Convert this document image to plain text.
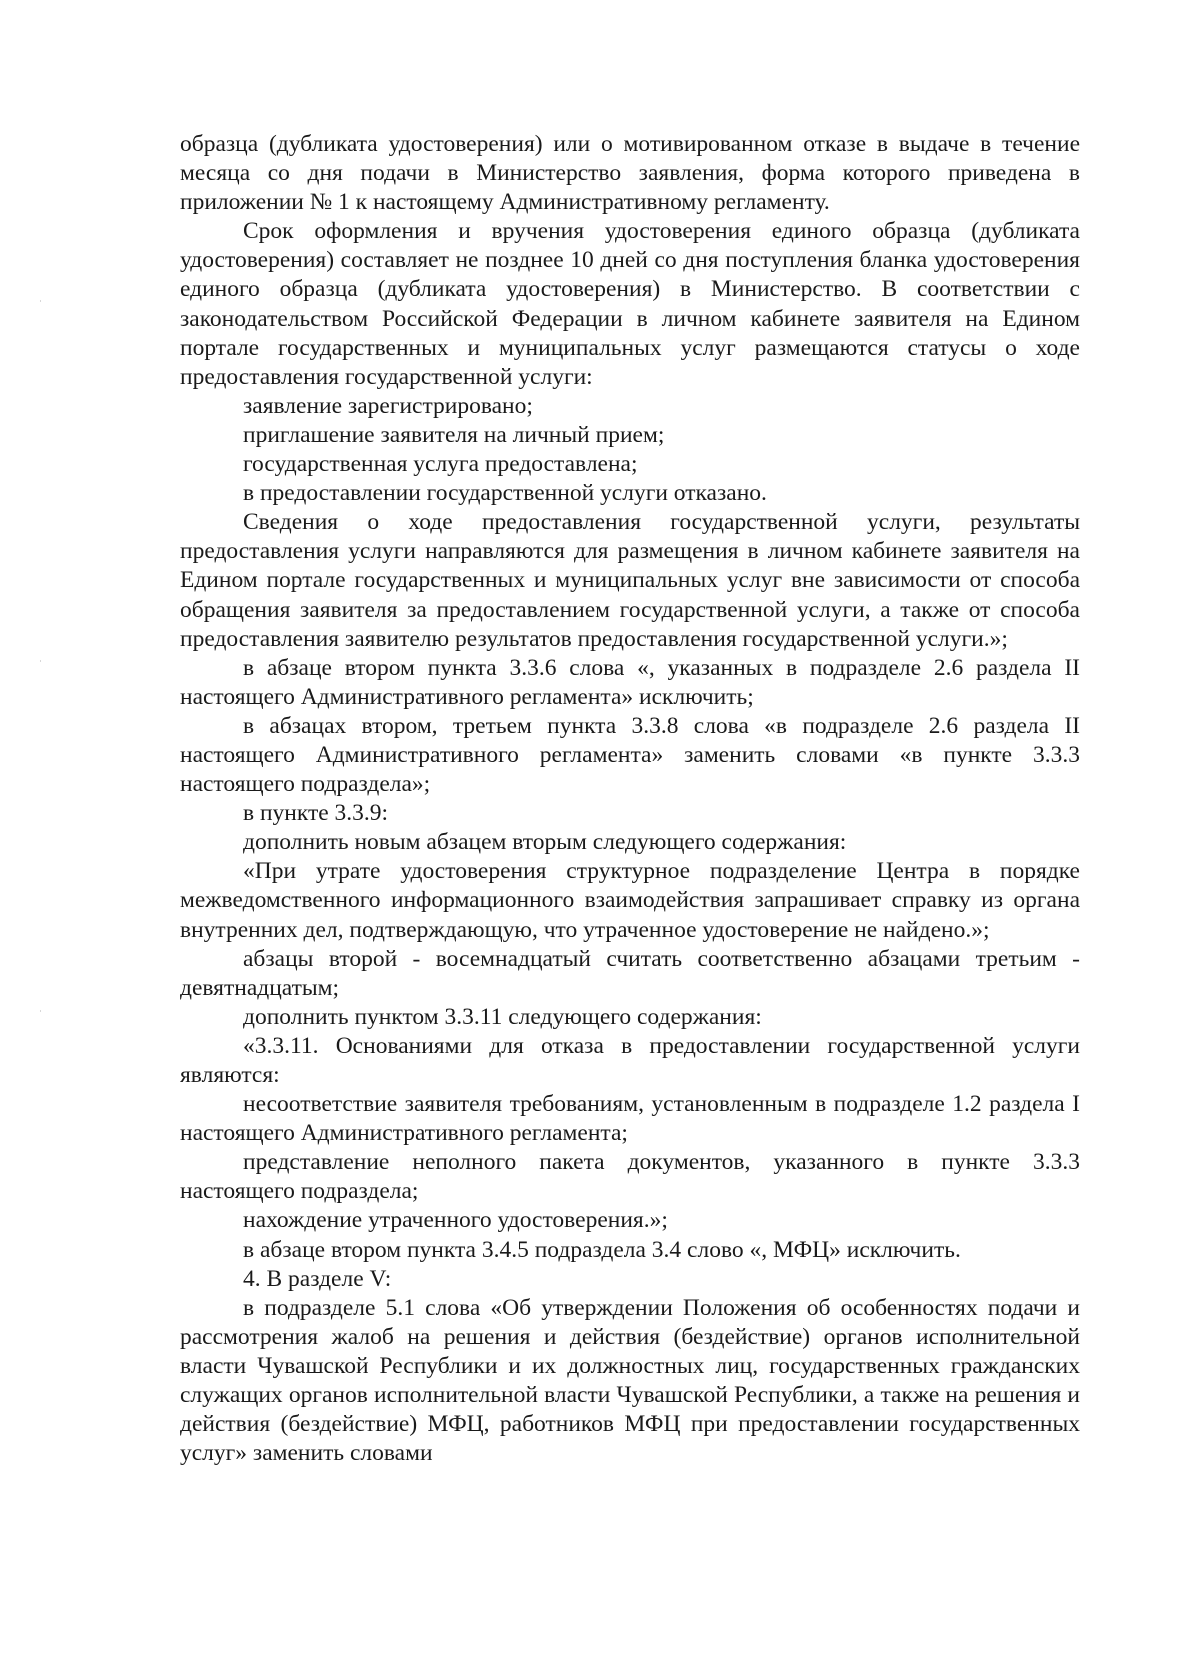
образца (дубликата удостоверения) или о мотивированном отказе в выдаче в течение месяца со дня подачи в Министерство заявления, форма которого приведена в приложении № 1 к настоящему Административному регламенту.

Срок оформления и вручения удостоверения единого образца (дубликата удостоверения) составляет не позднее 10 дней со дня поступления бланка удостоверения единого образца (дубликата удостоверения) в Министерство. В соответствии с законодательством Российской Федерации в личном кабинете заявителя на Едином портале государственных и муниципальных услуг размещаются статусы о ходе предоставления государственной услуги:

заявление зарегистрировано;

приглашение заявителя на личный прием;

государственная услуга предоставлена;

в предоставлении государственной услуги отказано.

Сведения о ходе предоставления государственной услуги, результаты предоставления услуги направляются для размещения в личном кабинете заявителя на Едином портале государственных и муниципальных услуг вне зависимости от способа обращения заявителя за предоставлением государственной услуги, а также от способа предоставления заявителю результатов предоставления государственной услуги.»;

в абзаце втором пункта 3.3.6 слова «, указанных в подразделе 2.6 раздела II настоящего Административного регламента» исключить;

в абзацах втором, третьем пункта 3.3.8 слова «в подразделе 2.6 раздела II настоящего Административного регламента» заменить словами «в пункте 3.3.3 настоящего подраздела»;

в пункте 3.3.9:

дополнить новым абзацем вторым следующего содержания:

«При утрате удостоверения структурное подразделение Центра в порядке межведомственного информационного взаимодействия запрашивает справку из органа внутренних дел, подтверждающую, что утраченное удостоверение не найдено.»;

абзацы второй - восемнадцатый считать соответственно абзацами третьим - девятнадцатым;

дополнить пунктом 3.3.11 следующего содержания:

«3.3.11. Основаниями для отказа в предоставлении государственной услуги являются:

несоответствие заявителя требованиям, установленным в подразделе 1.2 раздела I настоящего Административного регламента;

представление неполного пакета документов, указанного в пункте 3.3.3 настоящего подраздела;

нахождение утраченного удостоверения.»;

в абзаце втором пункта 3.4.5 подраздела 3.4 слово «, МФЦ» исключить.

4. В разделе V:

в подразделе 5.1 слова «Об утверждении Положения об особенностях подачи и рассмотрения жалоб на решения и действия (бездействие) органов исполнительной власти Чувашской Республики и их должностных лиц, государственных гражданских служащих органов исполнительной власти Чувашской Республики, а также на решения и действия (бездействие) МФЦ, работников МФЦ при предоставлении государственных услуг» заменить словами
